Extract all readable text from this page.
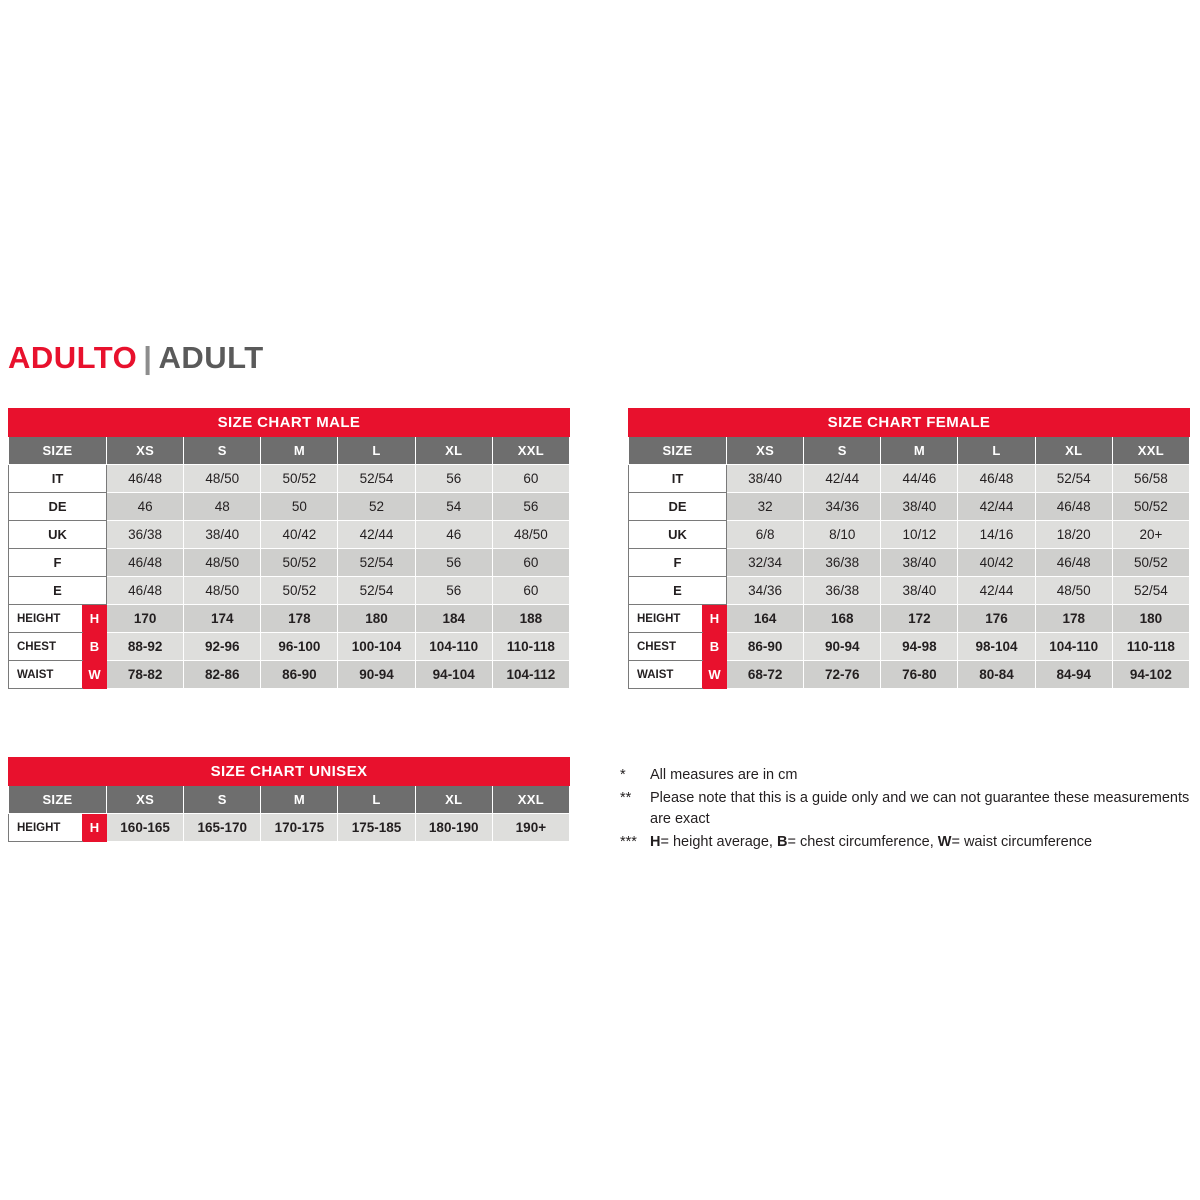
ADULTO | ADULT
SIZE CHART MALE							
SIZE		XS	S	M	L	XL	XXL
IT		46/48	48/50	50/52	52/54	56	60
DE		46	48	50	52	54	56
UK		36/38	38/40	40/42	42/44	46	48/50
F		46/48	48/50	50/52	52/54	56	60
E		46/48	48/50	50/52	52/54	56	60
HEIGHT	H	170	174	178	180	184	188
CHEST	B	88-92	92-96	96-100	100-104	104-110	110-118
WAIST	W	78-82	82-86	86-90	90-94	94-104	104-112
SIZE CHART FEMALE							
SIZE		XS	S	M	L	XL	XXL
IT		38/40	42/44	44/46	46/48	52/54	56/58
DE		32	34/36	38/40	42/44	46/48	50/52
UK		6/8	8/10	10/12	14/16	18/20	20+
F		32/34	36/38	38/40	40/42	46/48	50/52
E		34/36	36/38	38/40	42/44	48/50	52/54
HEIGHT	H	164	168	172	176	178	180
CHEST	B	86-90	90-94	94-98	98-104	104-110	110-118
WAIST	W	68-72	72-76	76-80	80-84	84-94	94-102
SIZE CHART UNISEX							
SIZE		XS	S	M	L	XL	XXL
HEIGHT	H	160-165	165-170	170-175	175-185	180-190	190+
*	All measures are in cm
**	Please note that this is a guide only and we can not guarantee these measurements are exact
*** H= height average, B= chest circumference, W= waist circumference
